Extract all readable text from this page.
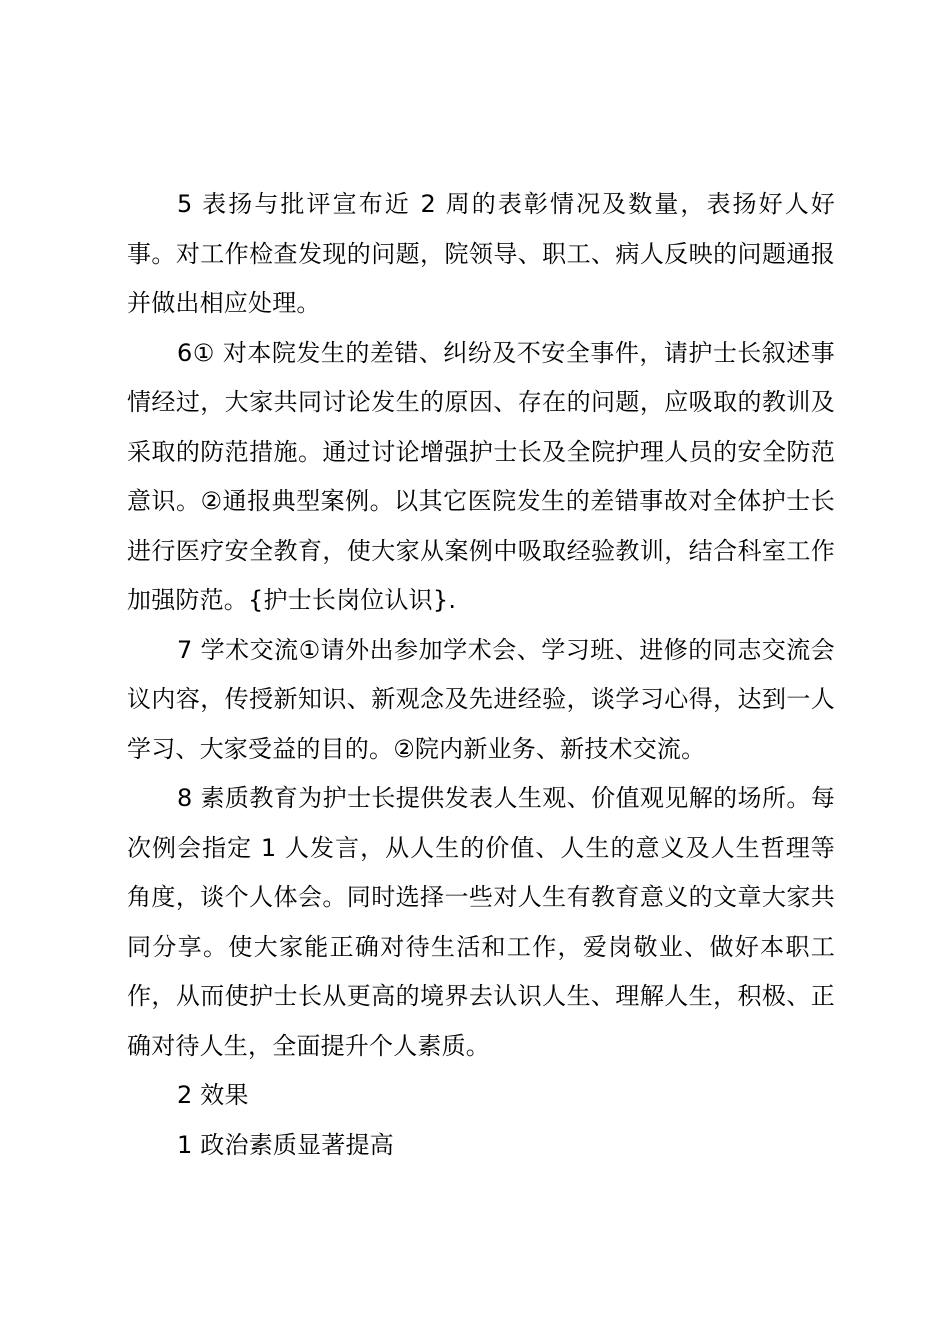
5 表扬与批评宣布近 2 周的表彰情况及数量，表扬好人好事。对工作检查发现的问题，院领导、职工、病人反映的问题通报并做出相应处理。

6① 对本院发生的差错、纠纷及不安全事件，请护士长叙述事情经过，大家共同讨论发生的原因、存在的问题，应吸取的教训及采取的防范措施。通过讨论增强护士长及全院护理人员的安全防范意识。②通报典型案例。以其它医院发生的差错事故对全体护士长进行医疗安全教育，使大家从案例中吸取经验教训，结合科室工作加强防范。{护士长岗位认识}.

7 学术交流①请外出参加学术会、学习班、进修的同志交流会议内容，传授新知识、新观念及先进经验，谈学习心得，达到一人学习、大家受益的目的。②院内新业务、新技术交流。

8 素质教育为护士长提供发表人生观、价值观见解的场所。每次例会指定 1 人发言，从人生的价值、人生的意义及人生哲理等角度，谈个人体会。同时选择一些对人生有教育意义的文章大家共同分享。使大家能正确对待生活和工作，爱岗敬业、做好本职工作，从而使护士长从更高的境界去认识人生、理解人生，积极、正确对待人生，全面提升个人素质。

2 效果

1 政治素质显著提高
